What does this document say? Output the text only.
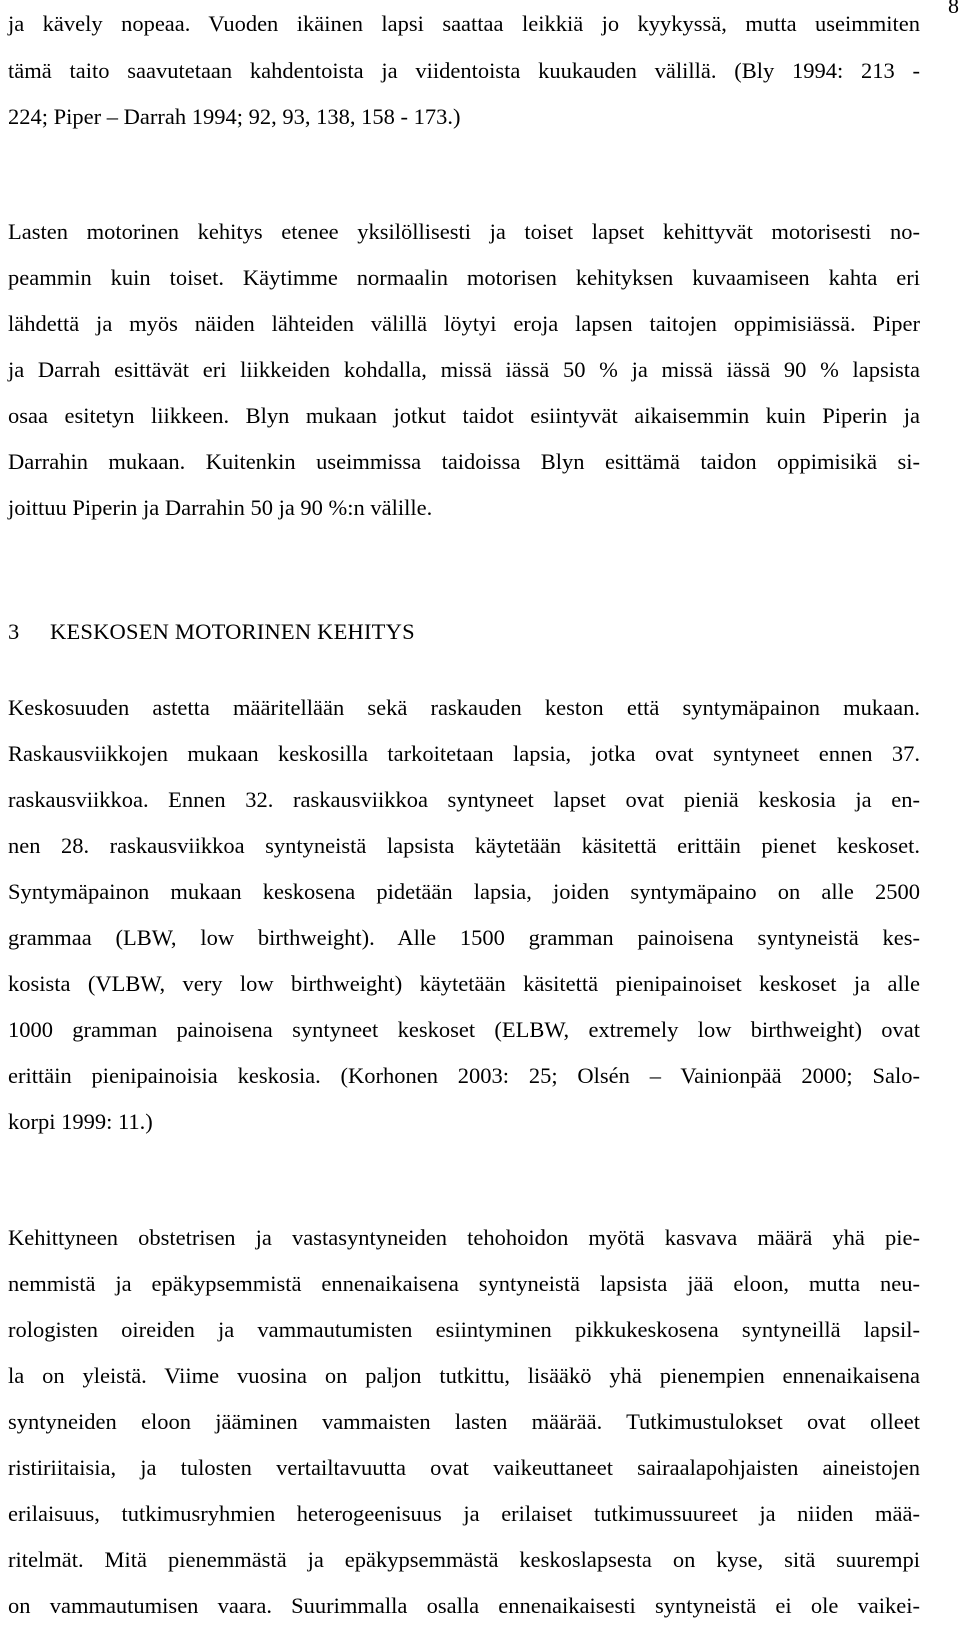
8
ja kävely nopeaa. Vuoden ikäinen lapsi saattaa leikkiä jo kyykyssä, mutta useimmiten
tämä taito saavutetaan kahdentoista ja viidentoista kuukauden välillä. (Bly 1994: 213 -
224; Piper – Darrah 1994; 92, 93, 138, 158 - 173.)
Lasten motorinen kehitys etenee yksilöllisesti ja toiset lapset kehittyvät motorisesti no-
peammin kuin toiset. Käytimme normaalin motorisen kehityksen kuvaamiseen kahta eri
lähdettä ja myös näiden lähteiden välillä löytyi eroja lapsen taitojen oppimisiässä. Piper
ja Darrah esittävät eri liikkeiden kohdalla, missä iässä 50 % ja missä iässä 90 % lapsista
osaa esitetyn liikkeen. Blyn mukaan jotkut taidot esiintyvät aikaisemmin kuin Piperin ja
Darrahin mukaan. Kuitenkin useimmissa taidoissa Blyn esittämä taidon oppimisikä si-
joittuu Piperin ja Darrahin 50 ja 90 %:n välille.
3 KESKOSEN MOTORINEN KEHITYS
Keskosuuden astetta määritellään sekä raskauden keston että syntymäpainon mukaan.
Raskausviikkojen mukaan keskosilla tarkoitetaan lapsia, jotka ovat syntyneet ennen 37.
raskausviikkoa. Ennen 32. raskausviikkoa syntyneet lapset ovat pieniä keskosia ja en-
nen 28. raskausviikkoa syntyneistä lapsista käytetään käsitettä erittäin pienet keskoset.
Syntymäpainon mukaan keskosena pidetään lapsia, joiden syntymäpaino on alle 2500
grammaa (LBW, low birthweight). Alle 1500 gramman painoisena syntyneistä kes-
kosista (VLBW, very low birthweight) käytetään käsitettä pienipainoiset keskoset ja alle
1000 gramman painoisena syntyneet keskoset (ELBW, extremely low birthweight) ovat
erittäin pienipainoisia keskosia. (Korhonen 2003: 25; Olsén – Vainionpää 2000; Salo-
korpi 1999: 11.)
Kehittyneen obstetrisen ja vastasyntyneiden tehohoidon myötä kasvava määrä yhä pie-
nemmistä ja epäkypsemmistä ennenaikaisena syntyneistä lapsista jää eloon, mutta neu-
rologisten oireiden ja vammautumisten esiintyminen pikkukeskosena syntyneillä lapsil-
la on yleistä. Viime vuosina on paljon tutkittu, lisääkö yhä pienempien ennenaikaisena
syntyneiden eloon jääminen vammaisten lasten määrää. Tutkimustulokset ovat olleet
ristiriitaisia, ja tulosten vertailtavuutta ovat vaikeuttaneet sairaalapohjaisten aineistojen
erilaisuus, tutkimusryhmien heterogeenisuus ja erilaiset tutkimussuureet ja niiden mää-
ritelmät. Mitä pienemmästä ja epäkypsemmästä keskoslapsesta on kyse, sitä suurempi
on vammautumisen vaara. Suurimmalla osalla ennenaikaisesti syntyneistä ei ole vaikei-
